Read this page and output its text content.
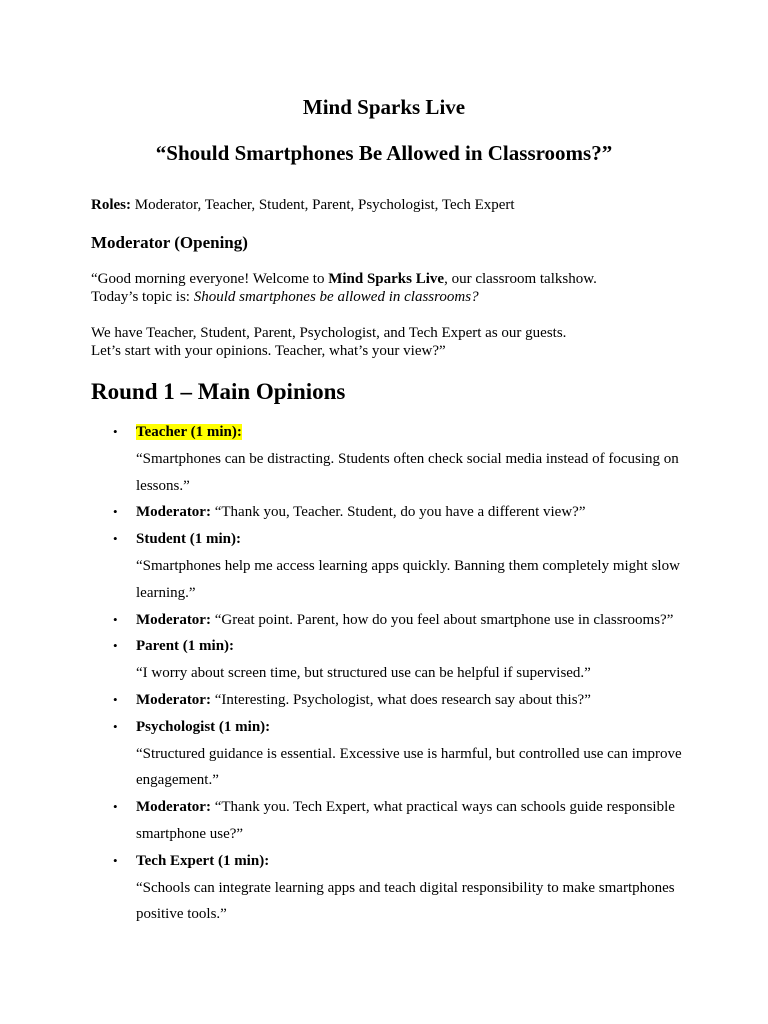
Mind Sparks Live
“Should Smartphones Be Allowed in Classrooms?”

Roles: Moderator, Teacher, Student, Parent, Psychologist, Tech Expert

Moderator (Opening)

“Good morning everyone! Welcome to Mind Sparks Live, our classroom talkshow.
Today’s topic is: Should smartphones be allowed in classrooms?

We have Teacher, Student, Parent, Psychologist, and Tech Expert as our guests.
Let’s start with your opinions. Teacher, what’s your view?”

Round 1 – Main Opinions
• Teacher (1 min):
“Smartphones can be distracting. Students often check social media instead of focusing on lessons.”
• Moderator: “Thank you, Teacher. Student, do you have a different view?”
• Student (1 min):
“Smartphones help me access learning apps quickly. Banning them completely might slow learning.”
• Moderator: “Great point. Parent, how do you feel about smartphone use in classrooms?”
• Parent (1 min):
“I worry about screen time, but structured use can be helpful if supervised.”
• Moderator: “Interesting. Psychologist, what does research say about this?”
• Psychologist (1 min):
“Structured guidance is essential. Excessive use is harmful, but controlled use can improve engagement.”
• Moderator: “Thank you. Tech Expert, what practical ways can schools guide responsible smartphone use?”
• Tech Expert (1 min):
“Schools can integrate learning apps and teach digital responsibility to make smartphones positive tools.”
